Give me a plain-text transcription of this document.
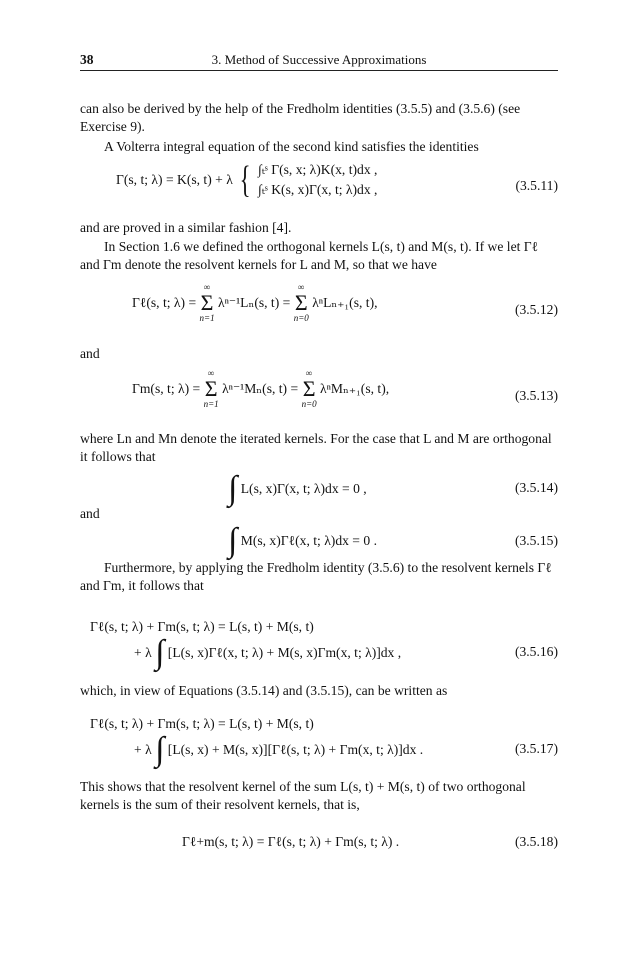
38	3. Method of Successive Approximations
can also be derived by the help of the Fredholm identities (3.5.5) and (3.5.6) (see Exercise 9).
A Volterra integral equation of the second kind satisfies the identities
Γ(s, t; λ) = K(s, t) + λ { ∫ₜˢ Γ(s, x; λ)K(x, t)dx ,
∫ₜˢ K(s, x)Γ(x, t; λ)dx ,	(3.5.11)
and are proved in a similar fashion [4].
In Section 1.6 we defined the orthogonal kernels L(s, t) and M(s, t). If we let Γℓ and Γm denote the resolvent kernels for L and M, so that we have
Γℓ(s, t; λ) =
∞
Σ
n=1
λⁿ⁻¹Lₙ(s, t) =
∞
Σ
n=0
λⁿLₙ₊₁(s, t),	(3.5.12)
and
Γm(s, t; λ) =
∞
Σ
n=1
λⁿ⁻¹Mₙ(s, t) =
∞
Σ
n=0
λⁿMₙ₊₁(s, t),	(3.5.13)
where Ln and Mn denote the iterated kernels. For the case that L and M are orthogonal it follows that
∫ L(s, x)Γ(x, t; λ)dx = 0 ,	(3.5.14)
and
∫ M(s, x)Γℓ(x, t; λ)dx = 0 .	(3.5.15)
Furthermore, by applying the Fredholm identity (3.5.6) to the resolvent kernels Γℓ and Γm, it follows that
Γℓ(s, t; λ) + Γm(s, t; λ) = L(s, t) + M(s, t)
+ λ ∫ [L(s, x)Γℓ(x, t; λ) + M(s, x)Γm(x, t; λ)]dx ,	(3.5.16)
which, in view of Equations (3.5.14) and (3.5.15), can be written as
Γℓ(s, t; λ) + Γm(s, t; λ) = L(s, t) + M(s, t)
+ λ ∫ [L(s, x) + M(s, x)][Γℓ(s, t; λ) + Γm(x, t; λ)]dx .	(3.5.17)
This shows that the resolvent kernel of the sum L(s, t) + M(s, t) of two orthogonal kernels is the sum of their resolvent kernels, that is,
Γℓ+m(s, t; λ) = Γℓ(s, t; λ) + Γm(s, t; λ) .	(3.5.18)
